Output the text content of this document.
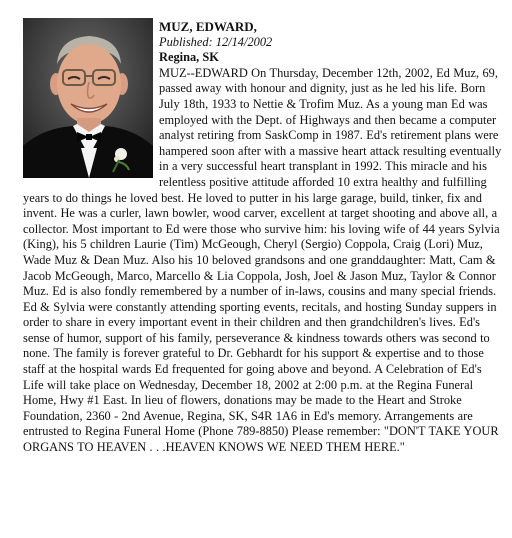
MUZ, EDWARD,
Published: 12/14/2002
Regina, SK

MUZ--EDWARD On Thursday, December 12th, 2002, Ed Muz, 69, passed away with honour and dignity, just as he led his life. Born July 18th, 1933 to Nettie & Trofim Muz. As a young man Ed was employed with the Dept. of Highways and then became a computer analyst retiring from SaskComp in 1987. Ed's retirement plans were hampered soon after with a massive heart attack resulting eventually in a very successful heart transplant in 1992. This miracle and his relentless positive attitude afforded 10 extra healthy and fulfilling years to do things he loved best. He loved to putter in his large garage, build, tinker, fix and invent. He was a curler, lawn bowler, wood carver, excellent at target shooting and above all, a collector. Most important to Ed were those who survive him: his loving wife of 44 years Sylvia (King), his 5 children Laurie (Tim) McGeough, Cheryl (Sergio) Coppola, Craig (Lori) Muz, Wade Muz & Dean Muz. Also his 10 beloved grandsons and one granddaughter: Matt, Cam & Jacob McGeough, Marco, Marcello & Lia Coppola, Josh, Joel & Jason Muz, Taylor & Connor Muz. Ed is also fondly remembered by a number of in-laws, cousins and many special friends. Ed & Sylvia were constantly attending sporting events, recitals, and hosting Sunday suppers in order to share in every important event in their children and then grandchildren's lives. Ed's sense of humor, support of his family, perseverance & kindness towards others was second to none. The family is forever grateful to Dr. Gebhardt for his support & expertise and to those staff at the hospital wards Ed frequented for going above and beyond. A Celebration of Ed's Life will take place on Wednesday, December 18, 2002 at 2:00 p.m. at the Regina Funeral Home, Hwy #1 East. In lieu of flowers, donations may be made to the Heart and Stroke Foundation, 2360 - 2nd Avenue, Regina, SK, S4R 1A6 in Ed's memory. Arrangements are entrusted to Regina Funeral Home (Phone 789-8850) Please remember: "DON'T TAKE YOUR ORGANS TO HEAVEN . . .HEAVEN KNOWS WE NEED THEM HERE."
